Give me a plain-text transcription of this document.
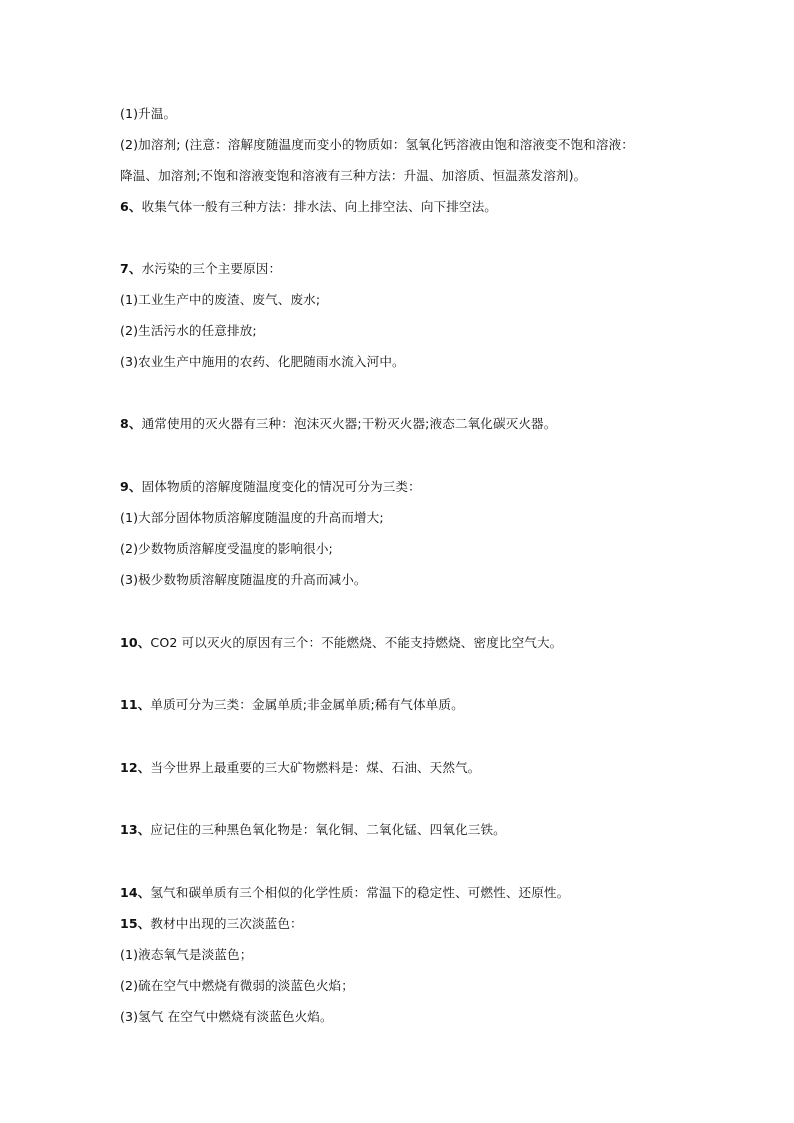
(1)升温。
(2)加溶剂; (注意：溶解度随温度而变小的物质如：氢氧化钙溶液由饱和溶液变不饱和溶液：
降温、加溶剂;不饱和溶液变饱和溶液有三种方法：升温、加溶质、恒温蒸发溶剂)。
6、收集气体一般有三种方法：排水法、向上排空法、向下排空法。
7、水污染的三个主要原因：
(1)工业生产中的废渣、废气、废水;
(2)生活污水的任意排放;
(3)农业生产中施用的农药、化肥随雨水流入河中。
8、通常使用的灭火器有三种：泡沫灭火器;干粉灭火器;液态二氧化碳灭火器。
9、固体物质的溶解度随温度变化的情况可分为三类：
(1)大部分固体物质溶解度随温度的升高而增大;
(2)少数物质溶解度受温度的影响很小;
(3)极少数物质溶解度随温度的升高而减小。
10、CO2 可以灭火的原因有三个：不能燃烧、不能支持燃烧、密度比空气大。
11、单质可分为三类：金属单质;非金属单质;稀有气体单质。
12、当今世界上最重要的三大矿物燃料是：煤、石油、天然气。
13、应记住的三种黑色氧化物是：氧化铜、二氧化锰、四氧化三铁。
14、氢气和碳单质有三个相似的化学性质：常温下的稳定性、可燃性、还原性。
15、教材中出现的三次淡蓝色：
(1)液态氧气是淡蓝色；
(2)硫在空气中燃烧有微弱的淡蓝色火焰；
(3)氢气 在空气中燃烧有淡蓝色火焰。
